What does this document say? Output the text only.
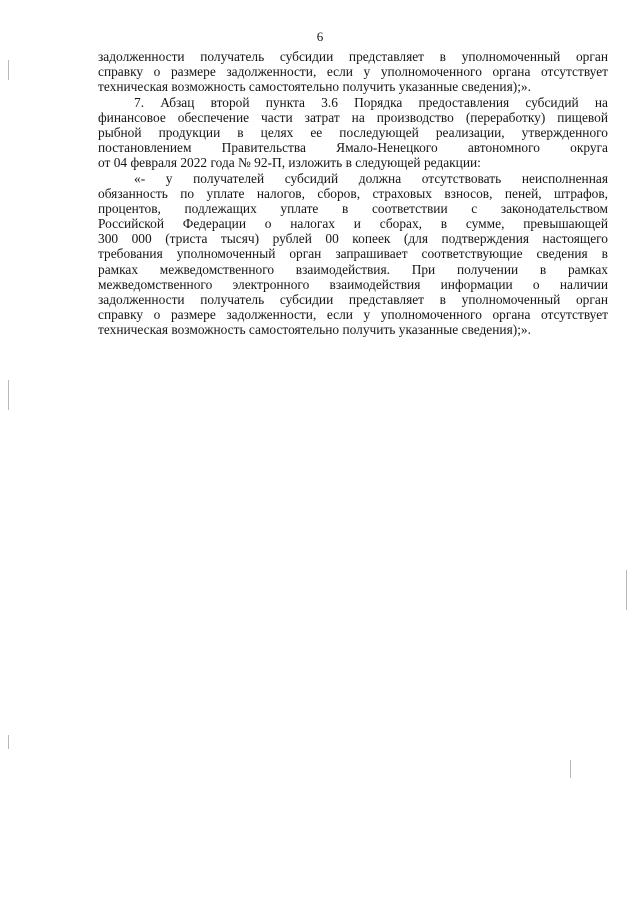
6
задолженности получатель субсидии представляет в уполномоченный орган
справку о размере задолженности, если у уполномоченного органа отсутствует
техническая возможность самостоятельно получить указанные сведения);».
7. Абзац второй пункта 3.6 Порядка предоставления субсидий на
финансовое обеспечение части затрат на производство (переработку) пищевой
рыбной продукции в целях ее последующей реализации, утвержденного
постановлением Правительства Ямало-Ненецкого автономного округа
от 04 февраля 2022 года № 92-П, изложить в следующей редакции:
«- у получателей субсидий должна отсутствовать неисполненная
обязанность по уплате налогов, сборов, страховых взносов, пеней, штрафов,
процентов, подлежащих уплате в соответствии с законодательством
Российской Федерации о налогах и сборах, в сумме, превышающей
300 000 (триста тысяч) рублей 00 копеек (для подтверждения настоящего
требования уполномоченный орган запрашивает соответствующие сведения в
рамках межведомственного взаимодействия. При получении в рамках
межведомственного электронного взаимодействия информации о наличии
задолженности получатель субсидии представляет в уполномоченный орган
справку о размере задолженности, если у уполномоченного органа отсутствует
техническая возможность самостоятельно получить указанные сведения);».
